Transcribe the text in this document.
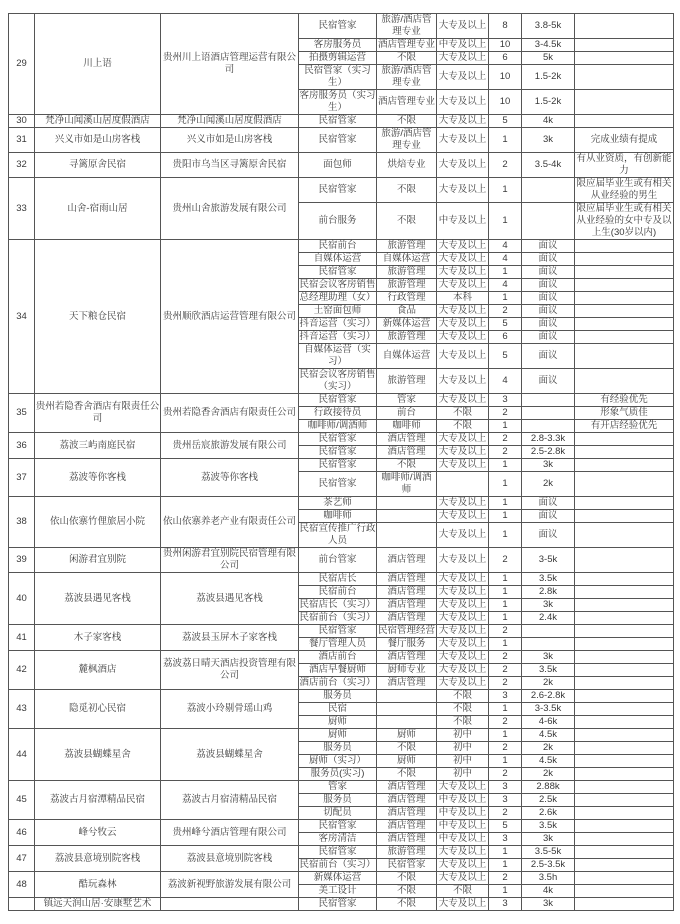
29	川上语	贵州川上语酒店管理运营有限公司	民宿管家	旅游/酒店管理专业	大专及以上	8	3.8-5k	
			客房服务员	酒店管理专业	中专及以上	10	3-4.5k	
			拍摄剪辑运营	不限	大专及以上	6	5k	
			民宿管家（实习生）	旅游/酒店管理专业	大专及以上	10	1.5-2k	
			客房服务员（实习生）	酒店管理专业	大专及以上	10	1.5-2k	
30	梵净山闻溪山居度假酒店	梵净山闻溪山居度假酒店	民宿管家	不限	大专及以上	5	4k	
31	兴义市如是山房客栈	兴义市如是山房客栈	民宿管家	旅游/酒店管理专业	大专及以上	1	3k	完成业绩有提成
32	寻篱原舍民宿	贵阳市乌当区寻篱原舍民宿	面包师	烘焙专业	大专及以上	2	3.5-4k	有从业资质，有创新能力
33	山舍-宿雨山居	贵州山舍旅游发展有限公司	民宿管家	不限	大专及以上	1		限应届毕业生或有相关从业经验的男生
			前台服务	不限	中专及以上	1		限应届毕业生或有相关从业经验的女中专及以上生(30岁以内)
34	天下粮仓民宿	贵州顺欣酒店运营管理有限公司	民宿前台	旅游管理	大专及以上	4	面议	
			自媒体运营	自媒体运营	大专及以上	4	面议	
			民宿管家	旅游管理	大专及以上	1	面议	
			民宿会议客房销售	旅游管理	大专及以上	4	面议	
			总经理助理（女）	行政管理	本科	1	面议	
			土窑面包师	食品	大专及以上	2	面议	
			抖音运营（实习）	新媒体运营	大专及以上	5	面议	
			抖音运营（实习）	旅游管理	大专及以上	6	面议	
			自媒体运营（实习）	自媒体运营	大专及以上	5	面议	
			民宿会议客房销售（实习）	旅游管理	大专及以上	4	面议	
35	贵州若隐香舍酒店有限责任公司	贵州若隐香舍酒店有限责任公司	民宿管家	管家	大专及以上	3		有经验优先
			行政接待员	前台	不限	2		形象气质佳
			咖啡师/调酒师	咖啡师	不限	1		有开店经验优先
36	荔波三屿南庭民宿	贵州岳宸旅游发展有限公司	民宿管家	酒店管理	大专及以上	2	2.8-3.3k	
			民宿管家	酒店管理	大专及以上	2	2.5-2.8k	
37	荔波等你客栈	荔波等你客栈	民宿管家	不限	大专及以上	1	3k	
			民宿管家	咖啡师/调酒师		1	2k	
38	依山依寨竹俚旅居小院	依山依寨养老产业有限责任公司	茶艺师		大专及以上	1	面议	
			咖啡师		大专及以上	1	面议	
			民宿宣传推广行政人员		大专及以上	1	面议	
39	闲游君宜别院	贵州闲游君宜别院民宿管理有限公司	前台管家	酒店管理	大专及以上	2	3-5k	
40	荔波县遇见客栈	荔波县遇见客栈	民宿店长	酒店管理	大专及以上	1	3.5k	
			民宿前台	酒店管理	大专及以上	1	2.8k	
			民宿店长（实习）	酒店管理	大专及以上	1	3k	
			民宿前台（实习）	酒店管理	大专及以上	1	2.4k	
41	木子家客栈	荔波县玉屏木子家客栈	民宿管家	民宿管理经营	大专及以上	2		
			餐厅管理人员	餐厅服务	大专及以上	1		
42	麓枫酒店	荔波荔日晴天酒店投资管理有限公司	酒店前台	酒店管理	大专及以上	2	3k	
			酒店早餐厨师	厨师专业	大专及以上	2	3.5k	
			酒店前台（实习）	酒店管理	大专及以上	2	2k	
43	隐觅初心民宿	荔波小玲剔骨瑶山鸡	服务员		不限	3	2.6-2.8k	
			民宿		不限	1	3-3.5k	
			厨师		不限	2	4-6k	
44	荔波县蝴蝶星舍	荔波县蝴蝶星舍	厨师	厨师	初中	1	4.5k	
			服务员	不限	初中	2	2k	
			厨师（实习）	厨师	初中	1	4.5k	
			服务员(实习)	不限	初中	2	2k	
45	荔波古月宿潭精品民宿	荔波古月宿清精品民宿	管家	酒店管理	大专及以上	3	2.88k	
			服务员	酒店管理	中专及以上	3	2.5k	
			切配员	酒店管理	中专及以上	2	2.6k	
46	峰兮牧云	贵州峰兮酒店管理有限公司	民宿管家	酒店管理	中专及以上	5	3.5k	
			客房清洁	酒店管理	中专及以上	3	3k	
47	荔波县意境别院客栈	荔波县意境别院客栈	民宿管家	旅游管理	大专及以上	1	3.5-5k	
			民宿前台（实习）	民宿管家	大专及以上	1	2.5-3.5k	
48	酷玩森林	荔波新视野旅游发展有限公司	新媒体运营	不限	大专及以上	2	3.5h	
			美工设计	不限	不限	1	4k	
	镇远天润山居·安康墅艺术		民宿管家	不限	大专及以上	3	3k	
